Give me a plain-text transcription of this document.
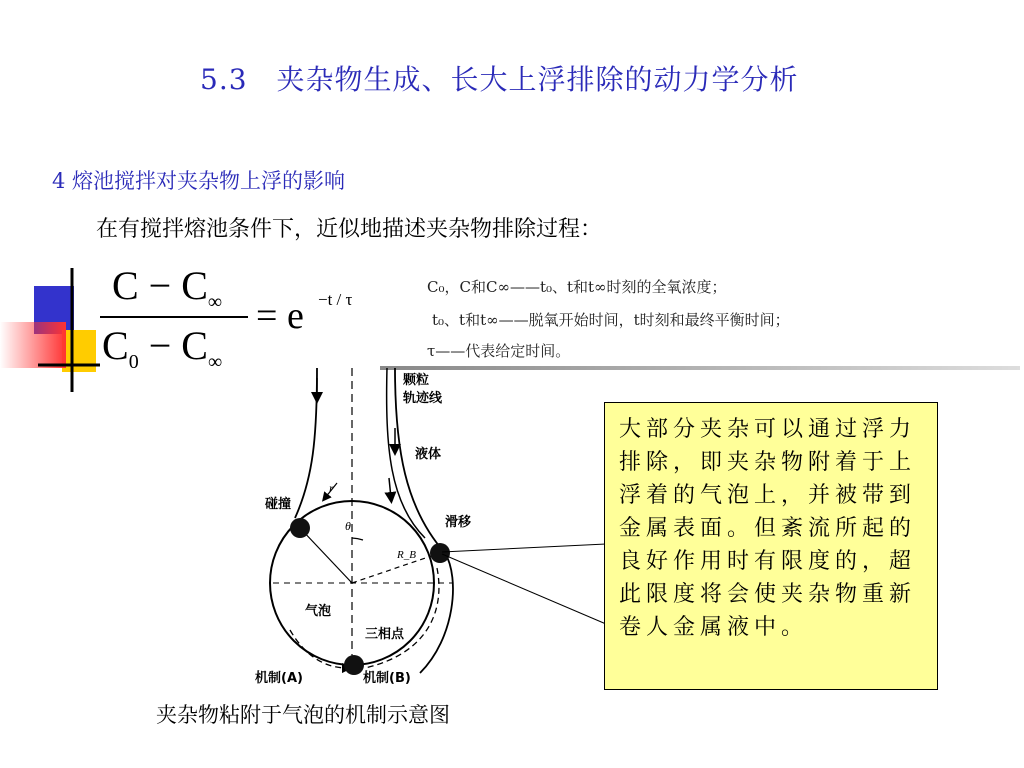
5.3　夹杂物生成、长大上浮排除的动力学分析
4 熔池搅拌对夹杂物上浮的影响
在有搅拌熔池条件下，近似地描述夹杂物排除过程：
$C - C_\infty$
$C_0 - C_\infty$
= e −t / τ
C₀，C和C∞——t₀、t和t∞时刻的全氧浓度；
t₀、t和t∞——脱氧开始时间，t时刻和最终平衡时间；
τ——代表给定时间。
颗粒
轨迹线
液体
碰撞
滑移
气泡
三相点
机制(A)	机制(B)
r
θ
R_B
大部分夹杂可以通过浮力排除，即夹杂物附着于上浮着的气泡上，并被带到金属表面。但紊流所起的良好作用时有限度的，超此限度将会使夹杂物重新卷人金属液中。
夹杂物粘附于气泡的机制示意图
